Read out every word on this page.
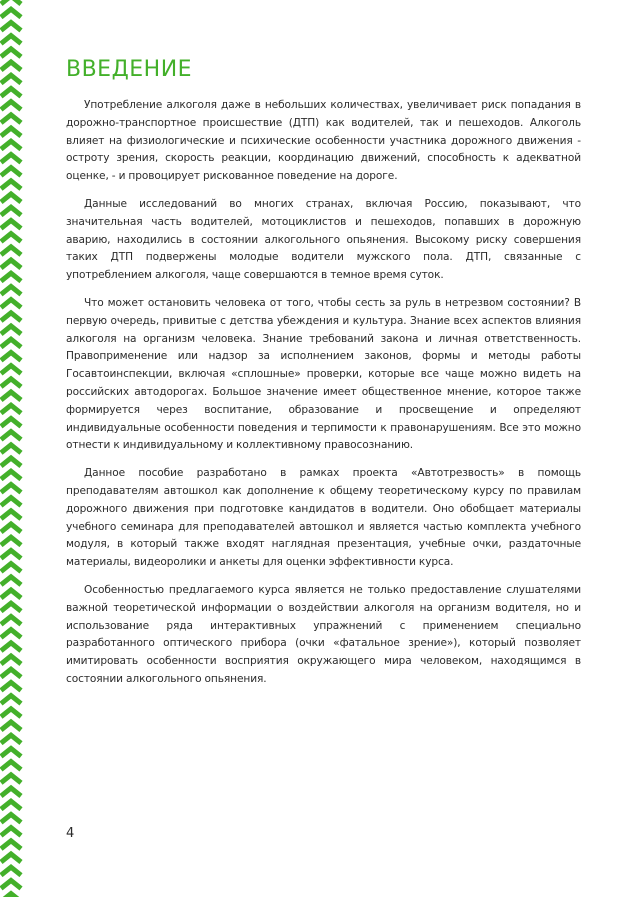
ВВЕДЕНИЕ

Употребление алкоголя даже в небольших количествах, увеличивает риск попадания в дорожно-транспортное происшествие (ДТП) как водителей, так и пешеходов. Алкоголь влияет на физиологические и психические особенности участника дорожного движения - остроту зрения, скорость реакции, координацию движений, способность к адекватной оценке, - и провоцирует рискованное поведение на дороге.

Данные исследований во многих странах, включая Россию, показывают, что значительная часть водителей, мотоциклистов и пешеходов, попавших в дорожную аварию, находились в состоянии алкогольного опьянения. Высокому риску совершения таких ДТП подвержены молодые водители мужского пола. ДТП, связанные с употреблением алкоголя, чаще совершаются в темное время суток.

Что может остановить человека от того, чтобы сесть за руль в нетрезвом состоянии? В первую очередь, привитые с детства убеждения и культура. Знание всех аспектов влияния алкоголя на организм человека. Знание требований закона и личная ответственность. Правоприменение или надзор за исполнением законов, формы и методы работы Госавтоинспекции, включая «сплошные» проверки, которые все чаще можно видеть на российских автодорогах. Большое значение имеет общественное мнение, которое также формируется через воспитание, образование и просвещение и определяют индивидуальные особенности поведения и терпимости к правонарушениям. Все это можно отнести к индивидуальному и коллективному правосознанию.

Данное пособие разработано в рамках проекта «Автотрезвость» в помощь преподавателям автошкол как дополнение к общему теоретическому курсу по правилам дорожного движения при подготовке кандидатов в водители. Оно обобщает материалы учебного семинара для преподавателей автошкол и является частью комплекта учебного модуля, в который также входят наглядная презентация, учебные очки, раздаточные материалы, видеоролики и анкеты для оценки эффективности курса.

Особенностью предлагаемого курса является не только предоставление слушателями важной теоретической информации о воздействии алкоголя на организм водителя, но и использование ряда интерактивных упражнений с применением специально разработанного оптического прибора (очки «фатальное зрение»), который позволяет имитировать особенности восприятия окружающего мира человеком, находящимся в состоянии алкогольного опьянения.

4
